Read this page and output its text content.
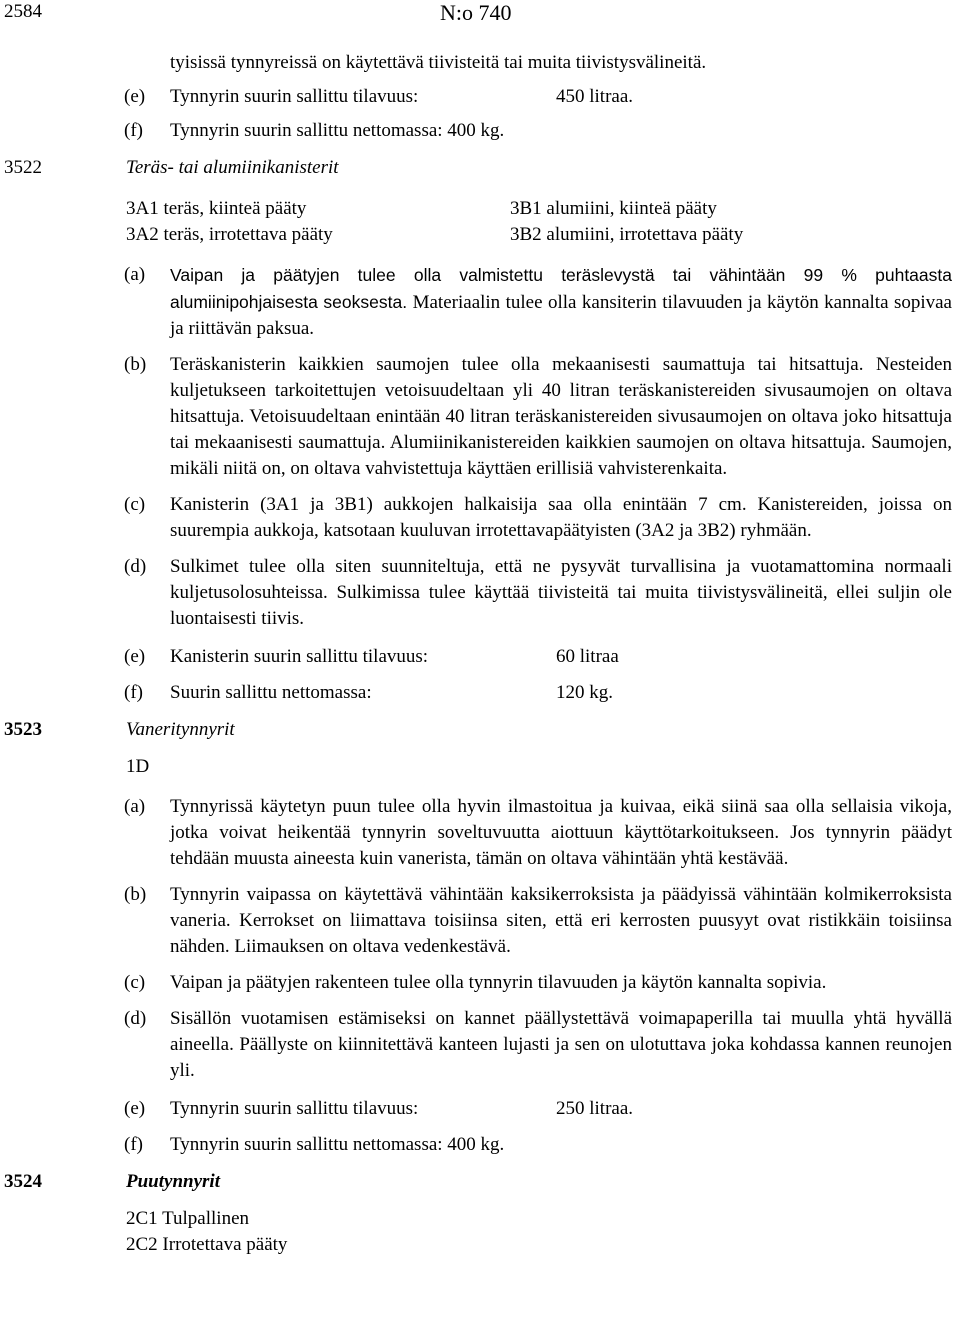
2584	N:o 740
tyisissä tynnyreissä on käytettävä tiivisteitä tai muita tiivistysvälineitä.
(e) Tynnyrin suurin sallittu tilavuus:	450 litraa.
(f) Tynnyrin suurin sallittu nettomassa: 400 kg.
3522	Teräs- tai alumiinikanisterit
3A1 teräs, kiinteä pääty	3B1 alumiini, kiinteä pääty
3A2 teräs, irrotettava pääty	3B2 alumiini, irrotettava pääty
(a) Vaipan ja päätyjen tulee olla valmistettu teräslevystä tai vähintään 99 % puhtaasta alumiinipohjaisesta seoksesta. Materiaalin tulee olla kansiterin tilavuuden ja käytön kannalta sopivaa ja riittävän paksua.
(b) Teräskanisterin kaikkien saumojen tulee olla mekaanisesti saumattuja tai hitsattuja. Nesteiden kuljetukseen tarkoitettujen vetoisuudeltaan yli 40 litran teräskanistereiden sivusaumojen on oltava hitsattuja. Vetoisuudeltaan enintään 40 litran teräskanistereiden sivusaumojen on oltava joko hitsattuja tai mekaanisesti saumattuja. Alumiinikanistereiden kaikkien saumojen on oltava hitsattuja. Saumojen, mikäli niitä on, on oltava vahvistettuja käyttäen erillisiä vahvisterenkaita.
(c) Kanisterin (3A1 ja 3B1) aukkojen halkaisija saa olla enintään 7 cm. Kanistereiden, joissa on suurempia aukkoja, katsotaan kuuluvan irrotettavapäätyisten (3A2 ja 3B2) ryhmään.
(d) Sulkimet tulee olla siten suunniteltuja, että ne pysyvät turvallisina ja vuotamattomina normaali kuljetusolosuhteissa. Sulkimissa tulee käyttää tiivisteitä tai muita tiivistysvälineitä, ellei suljin ole luontaisesti tiivis.
(e) Kanisterin suurin sallittu tilavuus:	60 litraa
(f) Suurin sallittu nettomassa:	120 kg.
3523	Vaneritynnyrit
1D
(a) Tynnyrissä käytetyn puun tulee olla hyvin ilmastoitua ja kuivaa, eikä siinä saa olla sellaisia vikoja, jotka voivat heikentää tynnyrin soveltuvuutta aiottuun käyttötarkoitukseen. Jos tynnyrin päädyt tehdään muusta aineesta kuin vanerista, tämän on oltava vähintään yhtä kestävää.
(b) Tynnyrin vaipassa on käytettävä vähintään kaksikerroksista ja päädyissä vähintään kolmikerroksista vaneria. Kerrokset on liimattava toisiinsa siten, että eri kerrosten puusyyt ovat ristikkäin toisiinsa nähden. Liimauksen on oltava vedenkestävä.
(c) Vaipan ja päätyjen rakenteen tulee olla tynnyrin tilavuuden ja käytön kannalta sopivia.
(d) Sisällön vuotamisen estämiseksi on kannet päällystettävä voimapaperilla tai muulla yhtä hyvällä aineella. Päällyste on kiinnitettävä kanteen lujasti ja sen on ulotuttava joka kohdassa kannen reunojen yli.
(e) Tynnyrin suurin sallittu tilavuus:	250 litraa.
(f) Tynnyrin suurin sallittu nettomassa: 400 kg.
3524	Puutynnyrit
2C1 Tulpallinen
2C2 Irrotettava pääty
